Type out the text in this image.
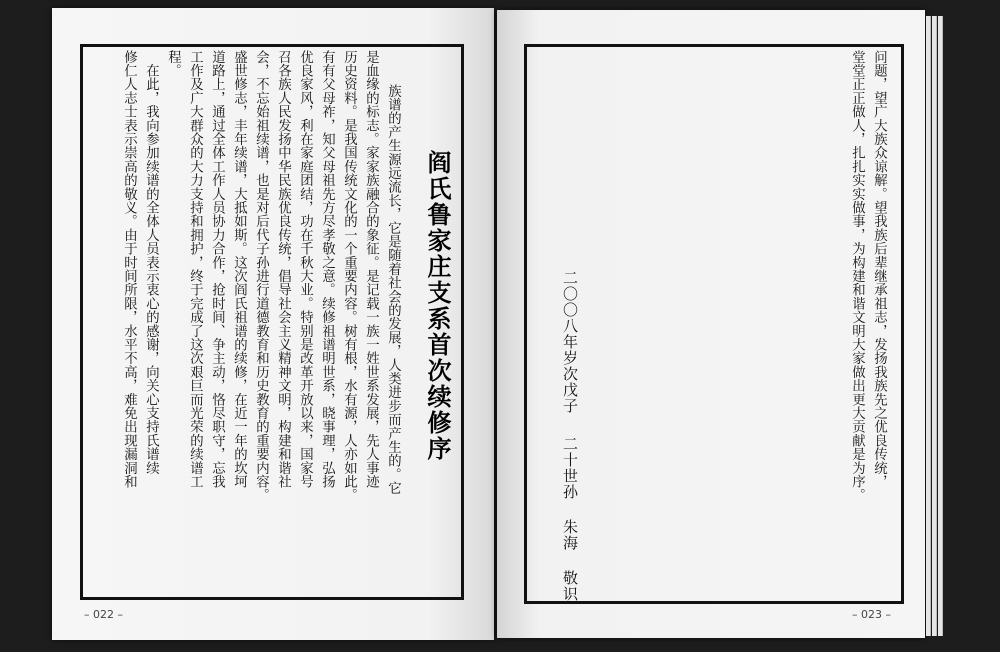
阎氏鲁家庄支系首次续修序
族谱的产生源远流长，它是随着社会的发展，人类进步而产生的。它
是血缘的标志。家家族融合的象征。是记载一族一姓世系发展，先人事迹
历史资料。是我国传统文化的一个重要内容。树有根，水有源，人亦如此。
有有父母祚，知父母祖先方尽孝敬之意。续修祖谱明世系，晓事理，弘扬
优良家风，利在家庭团结，功在千秋大业。特别是改革开放以来，国家号
召各族人民发扬中华民族优良传统，倡导社会主义精神文明，构建和谐社
会，不忘始祖续谱，也是对后代子孙进行道德教育和历史教育的重要内容。
盛世修志，丰年续谱，大抵如斯。这次阎氏祖谱的续修，在近一年的坎坷
道路上，通过全体工作人员协力合作，抢时间、争主动，恪尽职守，忘我
工作及广大群众的大力支持和拥护，终于完成了这次艰巨而光荣的续谱工
程。
　在此，我向参加续谱的全体人员表示衷心的感谢，向关心支持氏谱续
修仁人志士表示崇高的敬义。由于时间所限，水平不高，难免出现漏洞和
– 022 –
问题，望广大族众谅解。望我族后辈继承祖志，发扬我族先之优良传统，
堂堂正正做人，扎扎实实做事，为构建和谐文明大家做出更大贡献是为序。
二〇〇八年岁次戊子
二十世孙 朱海 敬识
– 023 –
